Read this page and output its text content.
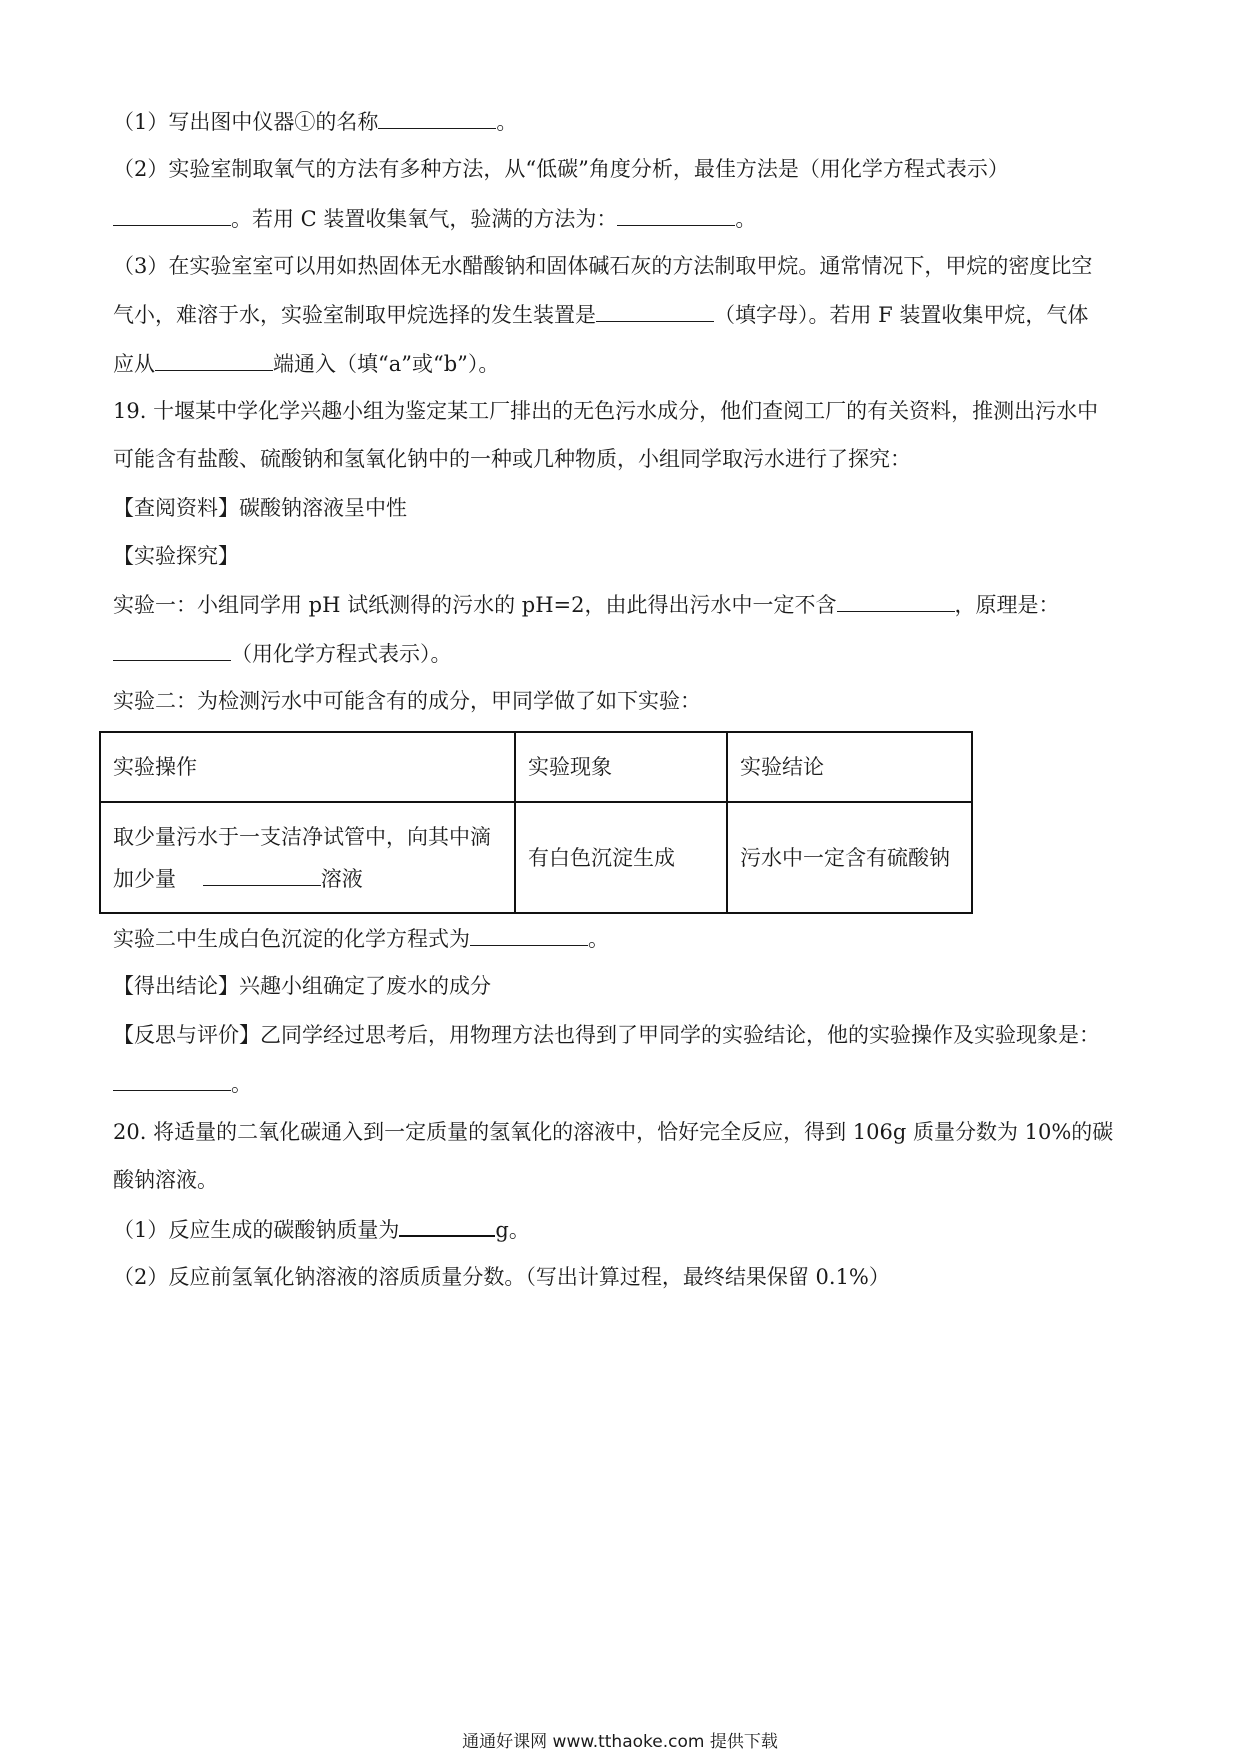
（1）写出图中仪器①的名称	。
（2）实验室制取氧气的方法有多种方法，从“低碳”角度分析，最佳方法是（用化学方程式表示）
。若用 C 装置收集氧气，验满的方法为：	。
（3）在实验室室可以用如热固体无水醋酸钠和固体碱石灰的方法制取甲烷。通常情况下，甲烷的密度比空
气小，难溶于水，实验室制取甲烷选择的发生装置是	（填字母）。若用 F 装置收集甲烷，气体
应从	端通入（填“a”或“b”）。
19. 十堰某中学化学兴趣小组为鉴定某工厂排出的无色污水成分，他们查阅工厂的有关资料，推测出污水中
可能含有盐酸、硫酸钠和氢氧化钠中的一种或几种物质，小组同学取污水进行了探究：
【查阅资料】碳酸钠溶液呈中性
【实验探究】
实验一：小组同学用 pH 试纸测得的污水的 pH=2，由此得出污水中一定不含	，原理是：
（用化学方程式表示）。
实验二：为检测污水中可能含有的成分，甲同学做了如下实验：
实验操作	实验现象	实验结论

取少量污水于一支洁净试管中，向其中滴
加少量 溶液	有白色沉淀生成	污水中一定含有硫酸钠
实验二中生成白色沉淀的化学方程式为	。
【得出结论】兴趣小组确定了废水的成分
【反思与评价】乙同学经过思考后，用物理方法也得到了甲同学的实验结论，他的实验操作及实验现象是：
。
20. 将适量的二氧化碳通入到一定质量的氢氧化的溶液中，恰好完全反应，得到 106g 质量分数为 10%的碳
酸钠溶液。
（1）反应生成的碳酸钠质量为	g。
（2）反应前氢氧化钠溶液的溶质质量分数。（写出计算过程，最终结果保留 0.1%）
通通好课网 www.tthaoke.com 提供下载
